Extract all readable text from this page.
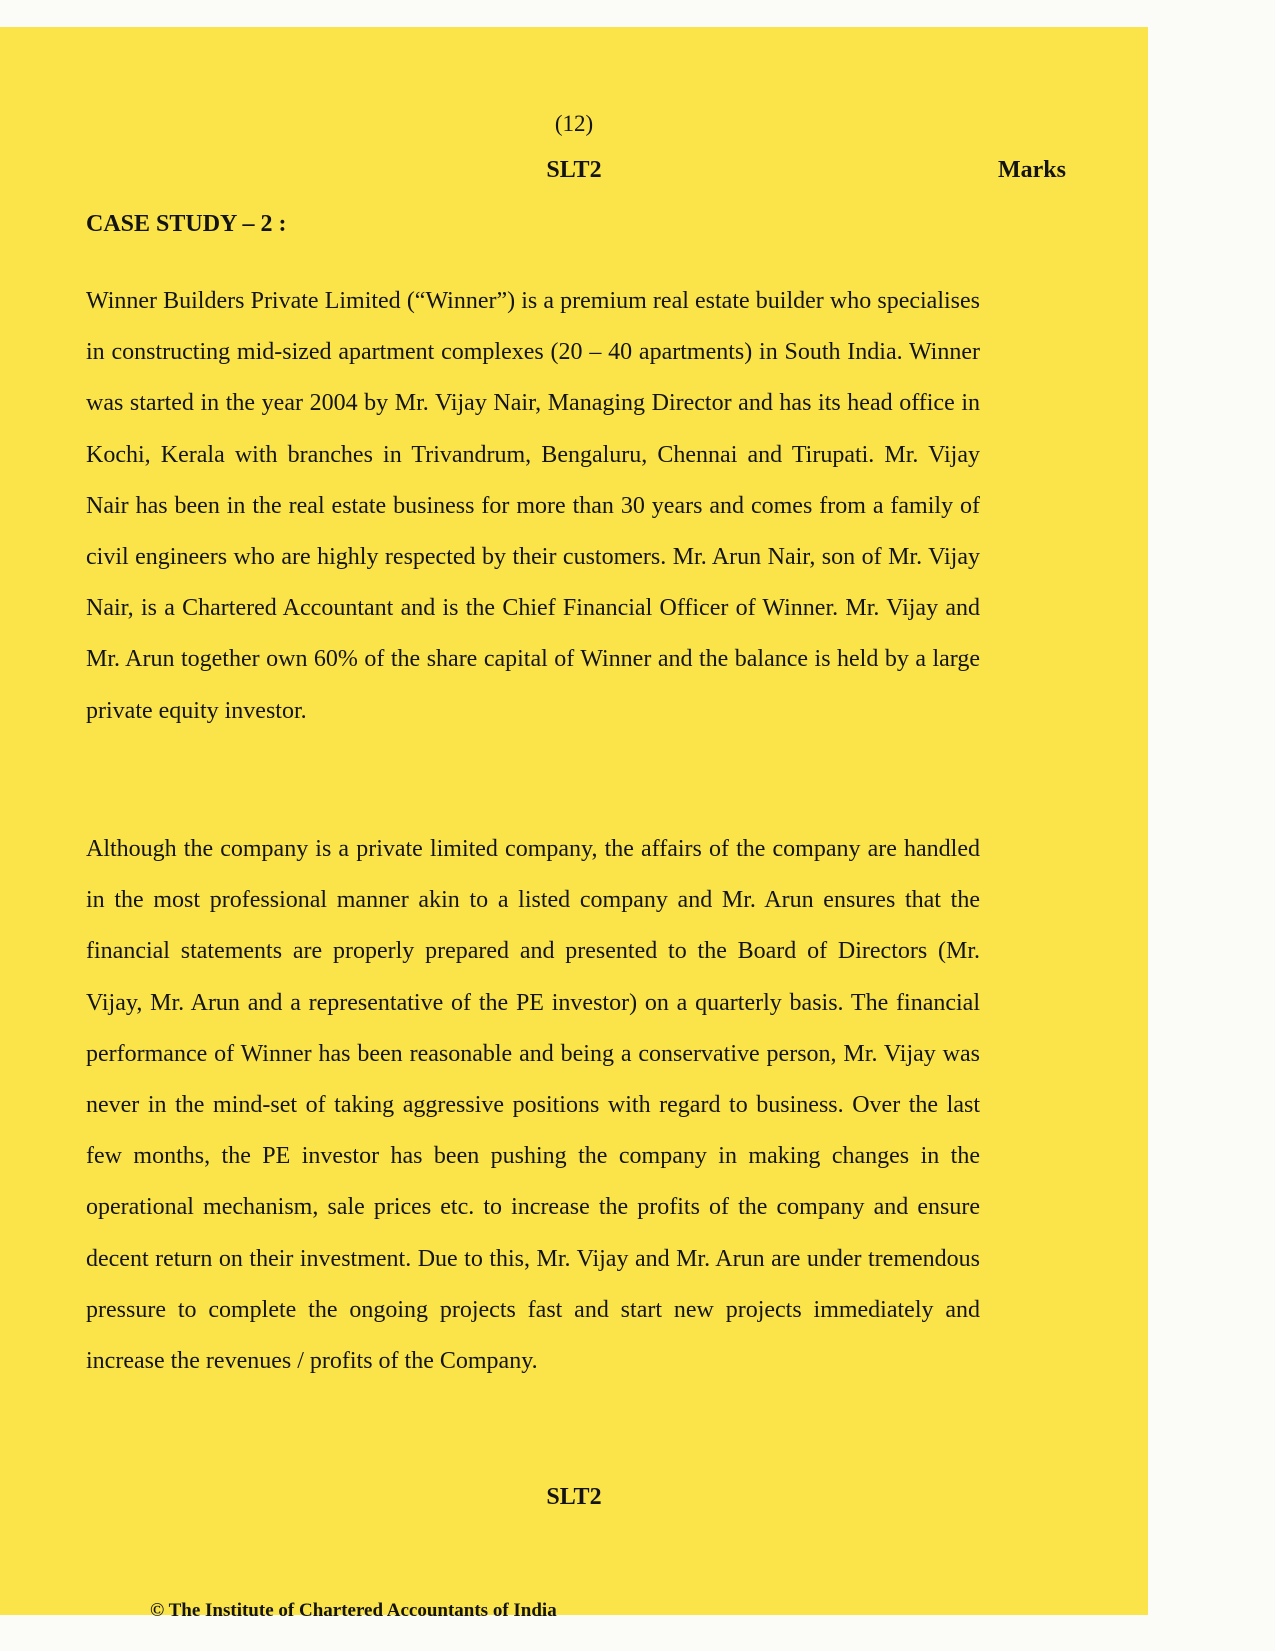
(12)
SLT2	Marks
CASE STUDY – 2 :

Winner Builders Private Limited (“Winner”) is a premium real estate builder who specialises in constructing mid-sized apartment complexes (20 – 40 apartments) in South India. Winner was started in the year 2004 by Mr. Vijay Nair, Managing Director and has its head office in Kochi, Kerala with branches in Trivandrum, Bengaluru, Chennai and Tirupati. Mr. Vijay Nair has been in the real estate business for more than 30 years and comes from a family of civil engineers who are highly respected by their customers. Mr. Arun Nair, son of Mr. Vijay Nair, is a Chartered Accountant and is the Chief Financial Officer of Winner. Mr. Vijay and Mr. Arun together own 60% of the share capital of Winner and the balance is held by a large private equity investor.

Although the company is a private limited company, the affairs of the company are handled in the most professional manner akin to a listed company and Mr. Arun ensures that the financial statements are properly prepared and presented to the Board of Directors (Mr. Vijay, Mr. Arun and a representative of the PE investor) on a quarterly basis. The financial performance of Winner has been reasonable and being a conservative person, Mr. Vijay was never in the mind-set of taking aggressive positions with regard to business. Over the last few months, the PE investor has been pushing the company in making changes in the operational mechanism, sale prices etc. to increase the profits of the company and ensure decent return on their investment. Due to this, Mr. Vijay and Mr. Arun are under tremendous pressure to complete the ongoing projects fast and start new projects immediately and increase the revenues / profits of the Company.

SLT2
© The Institute of Chartered Accountants of India
